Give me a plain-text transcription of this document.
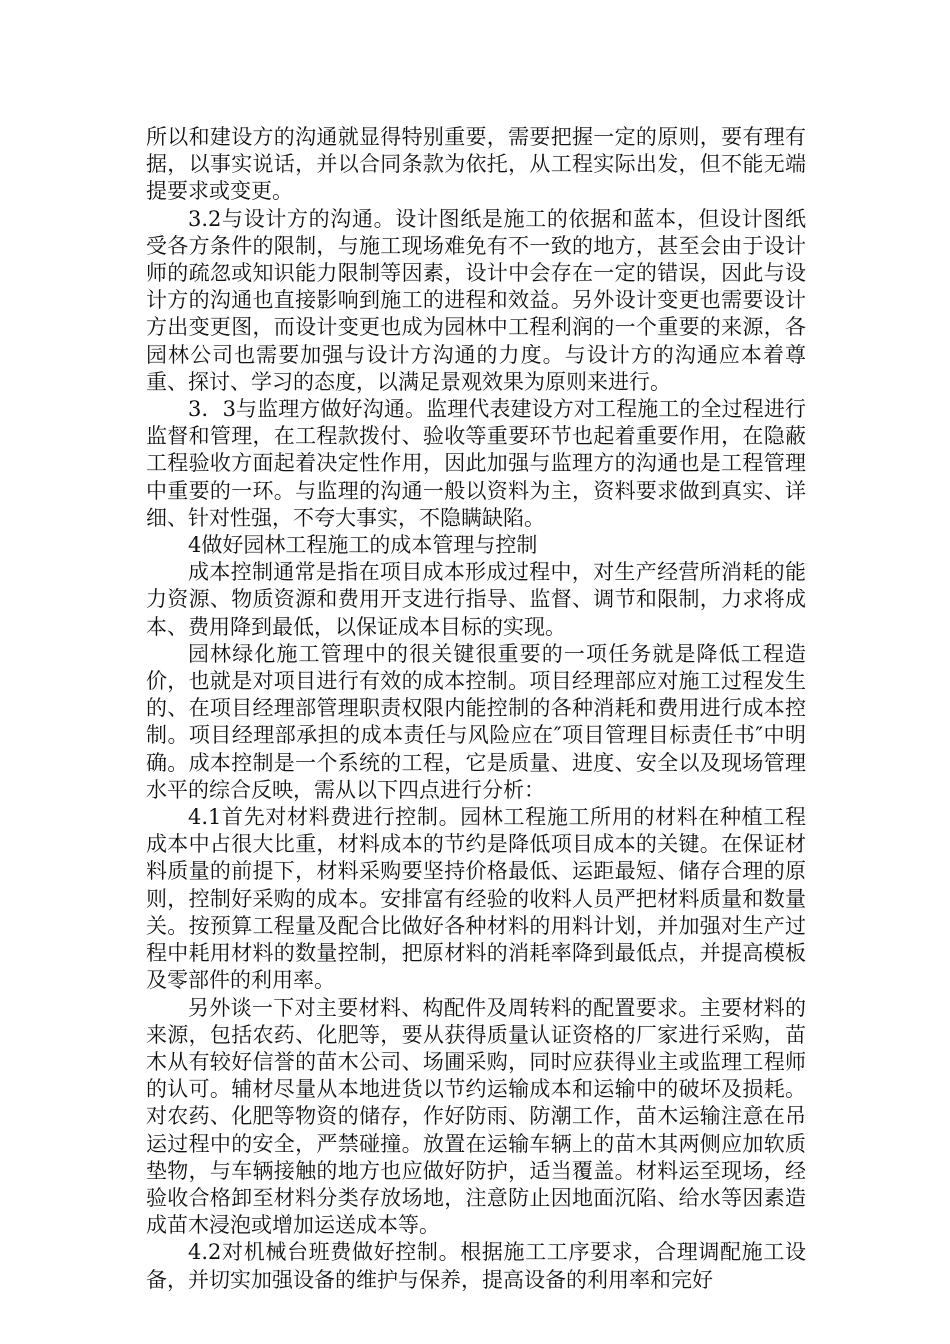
所以和建设方的沟通就显得特别重要，需要把握一定的原则，要有理有据，以事实说话，并以合同条款为依托，从工程实际出发，但不能无端提要求或变更。

3.2与设计方的沟通。设计图纸是施工的依据和蓝本，但设计图纸受各方条件的限制，与施工现场难免有不一致的地方，甚至会由于设计师的疏忽或知识能力限制等因素，设计中会存在一定的错误，因此与设计方的沟通也直接影响到施工的进程和效益。另外设计变更也需要设计方出变更图，而设计变更也成为园林中工程利润的一个重要的来源，各园林公司也需要加强与设计方沟通的力度。与设计方的沟通应本着尊重、探讨、学习的态度，以满足景观效果为原则来进行。

3．3与监理方做好沟通。监理代表建设方对工程施工的全过程进行监督和管理，在工程款拨付、验收等重要环节也起着重要作用，在隐蔽工程验收方面起着决定性作用，因此加强与监理方的沟通也是工程管理中重要的一环。与监理的沟通一般以资料为主，资料要求做到真实、详细、针对性强，不夸大事实，不隐瞒缺陷。

4做好园林工程施工的成本管理与控制

成本控制通常是指在项目成本形成过程中，对生产经营所消耗的能力资源、物质资源和费用开支进行指导、监督、调节和限制，力求将成本、费用降到最低，以保证成本目标的实现。

园林绿化施工管理中的很关键很重要的一项任务就是降低工程造价，也就是对项目进行有效的成本控制。项目经理部应对施工过程发生的、在项目经理部管理职责权限内能控制的各种消耗和费用进行成本控制。项目经理部承担的成本责任与风险应在″项目管理目标责任书″中明确。成本控制是一个系统的工程，它是质量、进度、安全以及现场管理水平的综合反映，需从以下四点进行分析：

4.1首先对材料费进行控制。园林工程施工所用的材料在种植工程成本中占很大比重，材料成本的节约是降低项目成本的关键。在保证材料质量的前提下，材料采购要坚持价格最低、运距最短、储存合理的原则，控制好采购的成本。安排富有经验的收料人员严把材料质量和数量关。按预算工程量及配合比做好各种材料的用料计划，并加强对生产过程中耗用材料的数量控制，把原材料的消耗率降到最低点，并提高模板及零部件的利用率。

另外谈一下对主要材料、构配件及周转料的配置要求。主要材料的来源，包括农药、化肥等，要从获得质量认证资格的厂家进行采购，苗木从有较好信誉的苗木公司、场圃采购，同时应获得业主或监理工程师的认可。辅材尽量从本地进货以节约运输成本和运输中的破坏及损耗。对农药、化肥等物资的储存，作好防雨、防潮工作，苗木运输注意在吊运过程中的安全，严禁碰撞。放置在运输车辆上的苗木其两侧应加软质垫物，与车辆接触的地方也应做好防护，适当覆盖。材料运至现场，经验收合格卸至材料分类存放场地，注意防止因地面沉陷、给水等因素造成苗木浸泡或增加运送成本等。

4.2对机械台班费做好控制。根据施工工序要求，合理调配施工设备，并切实加强设备的维护与保养，提高设备的利用率和完好
